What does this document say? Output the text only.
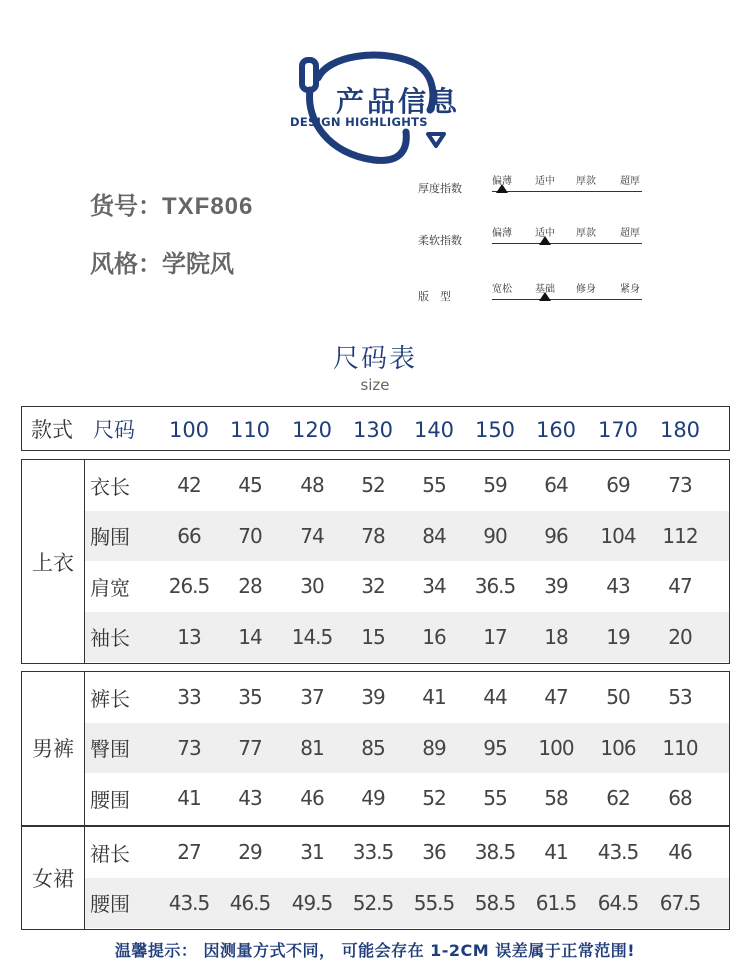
产品信息
DESIGN HIGHLIGHTS
货号：TXF806
风格：学院风
厚度指数
偏薄 适中 厚款 超厚
柔软指数
偏薄 适中 厚款 超厚
版　型
宽松 基础 修身 紧身
尺码表
size
款式 尺码 100 110 120 130 140 150 160 170 180
衣长 42 45 48 52 55 59 64 69 73
胸围 66 70 74 78 84 90 96 104 112
肩宽 26.5 28 30 32 34 36.5 39 43 47
袖长 13 14 14.5 15 16 17 18 19 20
上衣
裤长 33 35 37 39 41 44 47 50 53
臀围 73 77 81 85 89 95 100 106 110
腰围 41 43 46 49 52 55 58 62 68
男裤
裙长 27 29 31 33.5 36 38.5 41 43.5 46
腰围 43.5 46.5 49.5 52.5 55.5 58.5 61.5 64.5 67.5
女裙
温馨提示： 因测量方式不同， 可能会存在 1-2CM 误差属于正常范围!
